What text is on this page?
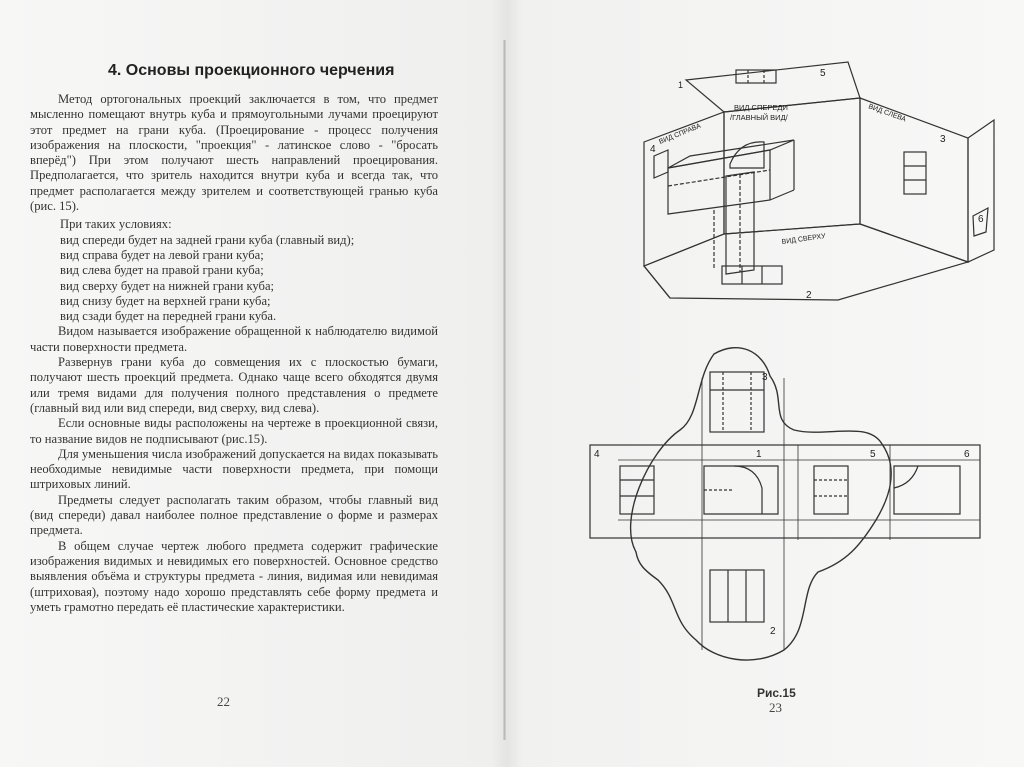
4. Основы проекционного черчения

Метод ортогональных проекций заключается в том, что предмет мысленно помещают внутрь куба и прямоугольными лучами проецируют этот предмет на грани куба. (Проецирование - процесс получения изображения на плоскости, "проекция" - латинское слово - "бросать вперёд") При этом получают шесть направлений проецирования. Предполагается, что зритель находится внутри куба и всегда так, что предмет располагается между зрителем и соответствующей гранью куба (рис. 15).

При таких условиях:
вид спереди будет на задней грани куба (главный вид);
вид справа будет на левой грани куба;
вид слева будет на правой грани куба;
вид сверху будет на нижней грани куба;
вид снизу будет на верхней грани куба;
вид сзади будет на передней грани куба.

Видом называется изображение обращенной к наблюдателю видимой части поверхности предмета.

Развернув грани куба до совмещения их с плоскостью бумаги, получают шесть проекций предмета. Однако чаще всего обходятся двумя или тремя видами для получения полного представления о предмете (главный вид или вид спереди, вид сверху, вид слева).

Если основные виды расположены на чертеже в проекционной связи, то название видов не подписывают (рис.15).

Для уменьшения числа изображений допускается на видах показывать необходимые невидимые части поверхности предмета, при помощи штриховых линий.

Предметы следует располагать таким образом, чтобы главный вид (вид спереди) давал наиболее полное представление о форме и размерах предмета.

В общем случае чертеж любого предмета содержит графические изображения видимых и невидимых его поверхностей. Основное средство выявления объёма и структуры предмета - линия, видимая или невидимая (штриховая), поэтому надо хорошо представлять себе форму предмета и уметь грамотно передать её пластические характеристики.

22
ВИД СПЕРЕДИ
/ГЛАВНЫЙ ВИД/
ВИД СПРАВА
ВИД СЛЕВА
ВИД СВЕРХУ
1
2
3
4
5
6
4	1	5	6
3
2
Рис.15
23
